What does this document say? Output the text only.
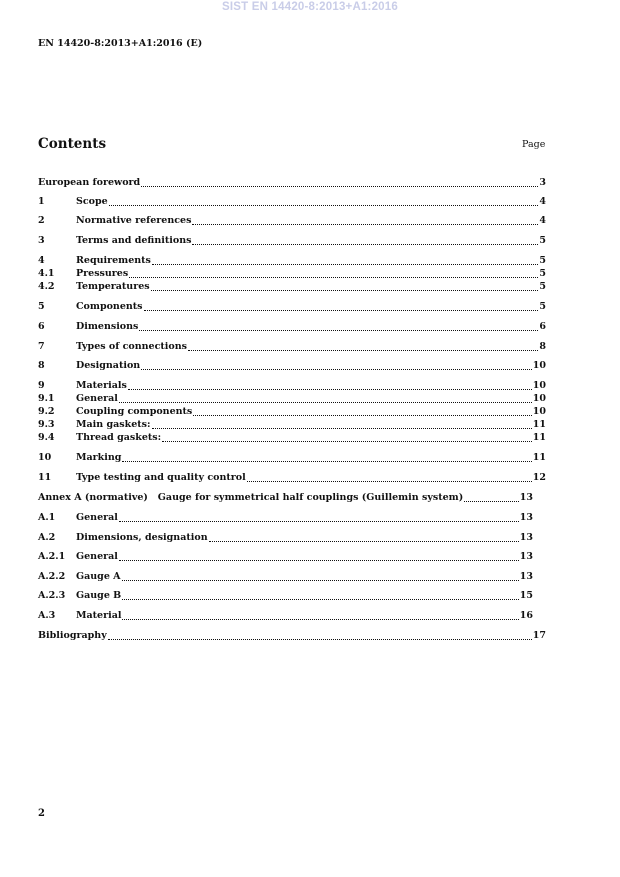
SIST EN 14420-8:2013+A1:2016
EN 14420-8:2013+A1:2016 (E)
Contents	Page
European foreword	3
1	Scope	4
2	Normative references	4
3	Terms and definitions	5
4	Requirements	5
4.1	Pressures	5
4.2	Temperatures	5
5	Components	5
6	Dimensions	6
7	Types of connections	8
8	Designation	10
9	Materials	10
9.1	General	10
9.2	Coupling components	10
9.3	Main gaskets:	11
9.4	Thread gaskets:	11
10	Marking	11
11	Type testing and quality control	12
Annex A (normative)   Gauge for symmetrical half couplings (Guillemin system)	13
A.1	General	13
A.2	Dimensions, designation	13
A.2.1	General	13
A.2.2	Gauge A	13
A.2.3	Gauge B	15
A.3	Material	16
Bibliography	17
2
